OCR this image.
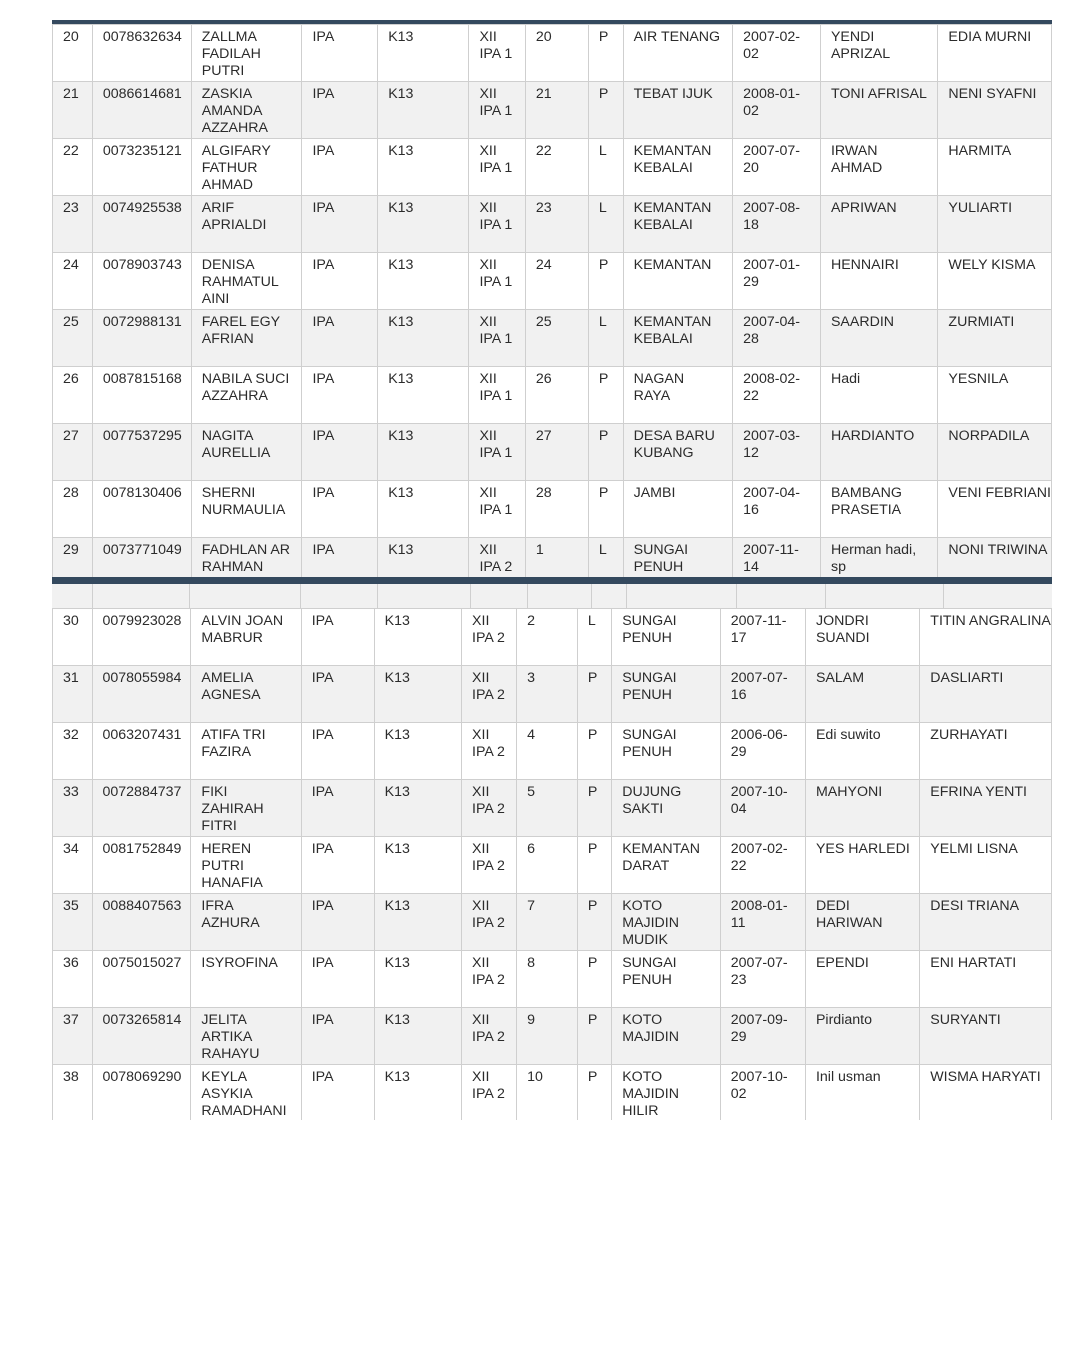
20	0078632634	ZALLMA FADILAH PUTRI	IPA	K13	XII IPA 1	20	P	AIR TENANG	2007-02-02	YENDI APRIZAL	EDIA MURNI
21	0086614681	ZASKIA AMANDA AZZAHRA	IPA	K13	XII IPA 1	21	P	TEBAT IJUK	2008-01-02	TONI AFRISAL	NENI SYAFNI
22	0073235121	ALGIFARY FATHUR AHMAD	IPA	K13	XII IPA 1	22	L	KEMANTAN KEBALAI	2007-07-20	IRWAN AHMAD	HARMITA
23	0074925538	ARIF APRIALDI	IPA	K13	XII IPA 1	23	L	KEMANTAN KEBALAI	2007-08-18	APRIWAN	YULIARTI
24	0078903743	DENISA RAHMATUL AINI	IPA	K13	XII IPA 1	24	P	KEMANTAN	2007-01-29	HENNAIRI	WELY KISMA
25	0072988131	FAREL EGY AFRIAN	IPA	K13	XII IPA 1	25	L	KEMANTAN KEBALAI	2007-04-28	SAARDIN	ZURMIATI
26	0087815168	NABILA SUCI AZZAHRA	IPA	K13	XII IPA 1	26	P	NAGAN RAYA	2008-02-22	Hadi	YESNILA
27	0077537295	NAGITA AURELLIA	IPA	K13	XII IPA 1	27	P	DESA BARU KUBANG	2007-03-12	HARDIANTO	NORPADILA
28	0078130406	SHERNI NURMAULIA	IPA	K13	XII IPA 1	28	P	JAMBI	2007-04-16	BAMBANG PRASETIA	VENI FEBRIANI
29	0073771049	FADHLAN AR RAHMAN	IPA	K13	XII IPA 2	1	L	SUNGAI PENUH	2007-11-14	Herman hadi, sp	NONI TRIWINA
30	0079923028	ALVIN JOAN MABRUR	IPA	K13	XII IPA 2	2	L	SUNGAI PENUH	2007-11-17	JONDRI SUANDI	TITIN ANGRALINA
31	0078055984	AMELIA AGNESA	IPA	K13	XII IPA 2	3	P	SUNGAI PENUH	2007-07-16	SALAM	DASLIARTI
32	0063207431	ATIFA TRI FAZIRA	IPA	K13	XII IPA 2	4	P	SUNGAI PENUH	2006-06-29	Edi suwito	ZURHAYATI
33	0072884737	FIKI ZAHIRAH FITRI	IPA	K13	XII IPA 2	5	P	DUJUNG SAKTI	2007-10-04	MAHYONI	EFRINA YENTI
34	0081752849	HEREN PUTRI HANAFIA	IPA	K13	XII IPA 2	6	P	KEMANTAN DARAT	2007-02-22	YES HARLEDI	YELMI LISNA
35	0088407563	IFRA AZHURA	IPA	K13	XII IPA 2	7	P	KOTO MAJIDIN MUDIK	2008-01-11	DEDI HARIWAN	DESI TRIANA
36	0075015027	ISYROFINA	IPA	K13	XII IPA 2	8	P	SUNGAI PENUH	2007-07-23	EPENDI	ENI HARTATI
37	0073265814	JELITA ARTIKA RAHAYU	IPA	K13	XII IPA 2	9	P	KOTO MAJIDIN	2007-09-29	Pirdianto	SURYANTI
38	0078069290	KEYLA ASYKIA RAMADHANI	IPA	K13	XII IPA 2	10	P	KOTO MAJIDIN HILIR	2007-10-02	Inil usman	WISMA HARYATI
